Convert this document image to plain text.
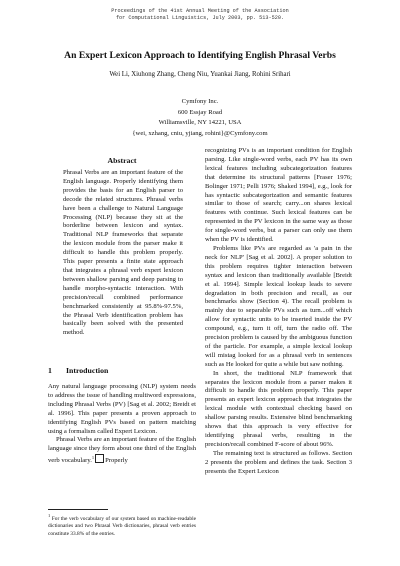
Proceedings of the 41st Annual Meeting of the Association
for Computational Linguistics, July 2003, pp. 513-520.
An Expert Lexicon Approach to Identifying English Phrasal Verbs
Wei Li, Xiuhong Zhang, Cheng Niu, Yuankai Jiang, Rohini Srihari
Cymfony Inc.
600 Essjay Road
Williamsville, NY 14221, USA
{wei, xzhang, cniu, yjiang, rohini}@Cymfony.com
Abstract

Phrasal Verbs are an important feature of the English language. Properly identifying them provides the basis for an English parser to decode the related structures. Phrasal verbs have been a challenge to Natural Language Processing (NLP) because they sit at the borderline between lexicon and syntax. Traditional NLP frameworks that separate the lexicon module from the parser make it difficult to handle this problem properly. This paper presents a finite state approach that integrates a phrasal verb expert lexicon between shallow parsing and deep parsing to handle morpho-syntactic interaction. With precision/recall combined performance benchmarked consistently at 95.8%-97.5%, the Phrasal Verb identification problem has basically been solved with the presented method.

1 Introduction

Any natural language processing (NLP) system needs to address the issue of handling multiword expressions, including Phrasal Verbs (PV) [Sag et al. 2002; Breidt et al. 1996]. This paper presents a proven approach to identifying English PVs based on pattern matching using a formalism called Expert Lexicon.

Phrasal Verbs are an important feature of the English language since they form about one third of the English verb vocabulary.$^1$ Properly

$^1$ For the verb vocabulary of our system based on machine-readable dictionaries and two Phrasal Verb dictionaries, phrasal verb entries constitute 33.8% of the entries.

recognizing PVs is an important condition for English parsing. Like single-word verbs, each PV has its own lexical features including subcategorization features that determine its structural patterns [Fraser 1976; Bolinger 1971; Pelli 1976; Shaked 1994], e.g., look for has syntactic subcategorization and semantic features similar to those of search; carry...on shares lexical features with continue. Such lexical features can be represented in the PV lexicon in the same way as those for single-word verbs, but a parser can only use them when the PV is identified.

Problems like PVs are regarded as 'a pain in the neck for NLP' [Sag et al. 2002]. A proper solution to this problem requires tighter interaction between syntax and lexicon than traditionally available [Breidt et al. 1994]. Simple lexical lookup leads to severe degradation in both precision and recall, as our benchmarks show (Section 4). The recall problem is mainly due to separable PVs such as turn...off which allow for syntactic units to be inserted inside the PV compound, e.g., turn it off, turn the radio off. The precision problem is caused by the ambiguous function of the particle. For example, a simple lexical lookup will mistag looked for as a phrasal verb in sentences such as He looked for quite a while but saw nothing.

In short, the traditional NLP framework that separates the lexicon module from a parser makes it difficult to handle this problem properly. This paper presents an expert lexicon approach that integrates the lexical module with contextual checking based on shallow parsing results. Extensive blind benchmarking shows that this approach is very effective for identifying phrasal verbs, resulting in the precision/recall combined F-score of about 96%.

The remaining text is structured as follows. Section 2 presents the problem and defines the task. Section 3 presents the Expert Lexicon
